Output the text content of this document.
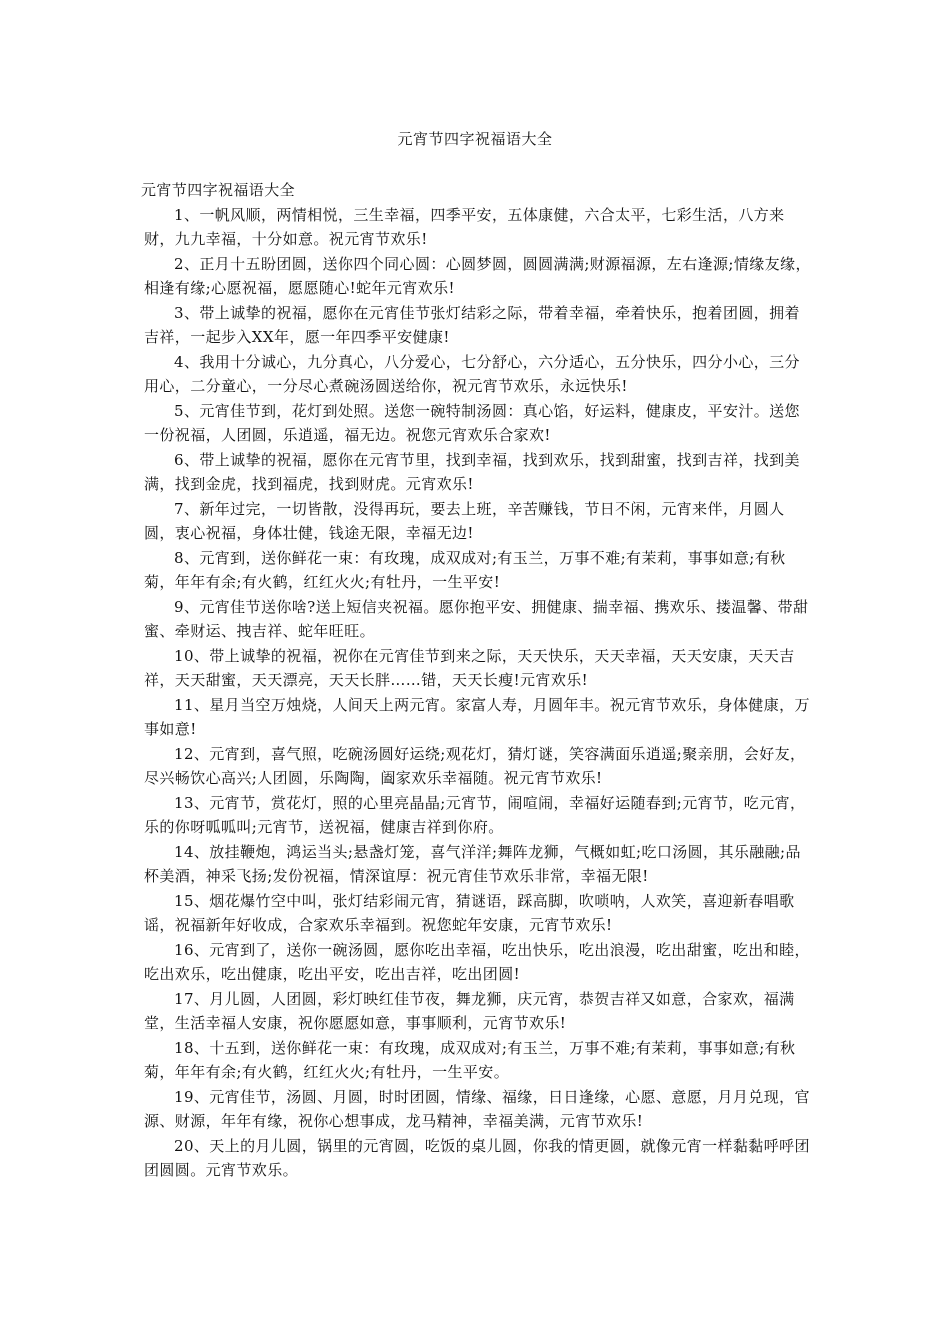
元宵节四字祝福语大全
元宵节四字祝福语大全

1、一帆风顺，两情相悦，三生幸福，四季平安，五体康健，六合太平，七彩生活，八方来财，九九幸福，十分如意。祝元宵节欢乐!

2、正月十五盼团圆，送你四个同心圆：心圆梦圆，圆圆满满;财源福源，左右逢源;情缘友缘，相逢有缘;心愿祝福，愿愿随心!蛇年元宵欢乐!

3、带上诚挚的祝福，愿你在元宵佳节张灯结彩之际，带着幸福，牵着快乐，抱着团圆，拥着吉祥，一起步入XX年，愿一年四季平安健康!

4、我用十分诚心，九分真心，八分爱心，七分舒心，六分适心，五分快乐，四分小心，三分用心，二分童心，一分尽心煮碗汤圆送给你，祝元宵节欢乐，永远快乐!

5、元宵佳节到，花灯到处照。送您一碗特制汤圆：真心馅，好运料，健康皮，平安汁。送您一份祝福，人团圆，乐逍遥，福无边。祝您元宵欢乐合家欢!

6、带上诚挚的祝福，愿你在元宵节里，找到幸福，找到欢乐，找到甜蜜，找到吉祥，找到美满，找到金虎，找到福虎，找到财虎。元宵欢乐!

7、新年过完，一切皆散，没得再玩，要去上班，辛苦赚钱，节日不闲，元宵来伴，月圆人圆，衷心祝福，身体壮健，钱途无限，幸福无边!

8、元宵到，送你鲜花一束：有玫瑰，成双成对;有玉兰，万事不难;有茉莉，事事如意;有秋菊，年年有余;有火鹤，红红火火;有牡丹，一生平安!

9、元宵佳节送你啥?送上短信夹祝福。愿你抱平安、拥健康、揣幸福、携欢乐、搂温馨、带甜蜜、牵财运、拽吉祥、蛇年旺旺。

10、带上诚挚的祝福，祝你在元宵佳节到来之际，天天快乐，天天幸福，天天安康，天天吉祥，天天甜蜜，天天漂亮，天天长胖……错，天天长瘦!元宵欢乐!

11、星月当空万烛烧，人间天上两元宵。家富人寿，月圆年丰。祝元宵节欢乐，身体健康，万事如意!

12、元宵到，喜气照，吃碗汤圆好运绕;观花灯，猜灯谜，笑容满面乐逍遥;聚亲朋，会好友，尽兴畅饮心高兴;人团圆，乐陶陶，阖家欢乐幸福随。祝元宵节欢乐!

13、元宵节，赏花灯，照的心里亮晶晶;元宵节，闹喧闹，幸福好运随春到;元宵节，吃元宵，乐的你呀呱呱叫;元宵节，送祝福，健康吉祥到你府。

14、放挂鞭炮，鸿运当头;悬盏灯笼，喜气洋洋;舞阵龙狮，气概如虹;吃口汤圆，其乐融融;品杯美酒，神采飞扬;发份祝福，情深谊厚：祝元宵佳节欢乐非常，幸福无限!

15、烟花爆竹空中叫，张灯结彩闹元宵，猜谜语，踩高脚，吹唢呐，人欢笑，喜迎新春唱歌谣，祝福新年好收成，合家欢乐幸福到。祝您蛇年安康，元宵节欢乐!

16、元宵到了，送你一碗汤圆，愿你吃出幸福，吃出快乐，吃出浪漫，吃出甜蜜，吃出和睦，吃出欢乐，吃出健康，吃出平安，吃出吉祥，吃出团圆!

17、月儿圆，人团圆，彩灯映红佳节夜，舞龙狮，庆元宵，恭贺吉祥又如意，合家欢，福满堂，生活幸福人安康，祝你愿愿如意，事事顺利，元宵节欢乐!

18、十五到，送你鲜花一束：有玫瑰，成双成对;有玉兰，万事不难;有茉莉，事事如意;有秋菊，年年有余;有火鹤，红红火火;有牡丹，一生平安。

19、元宵佳节，汤圆、月圆，时时团圆，情缘、福缘，日日逢缘，心愿、意愿，月月兑现，官源、财源，年年有缘，祝你心想事成，龙马精神，幸福美满，元宵节欢乐!

20、天上的月儿圆，锅里的元宵圆，吃饭的桌儿圆，你我的情更圆，就像元宵一样黏黏呼呼团团圆圆。元宵节欢乐。
